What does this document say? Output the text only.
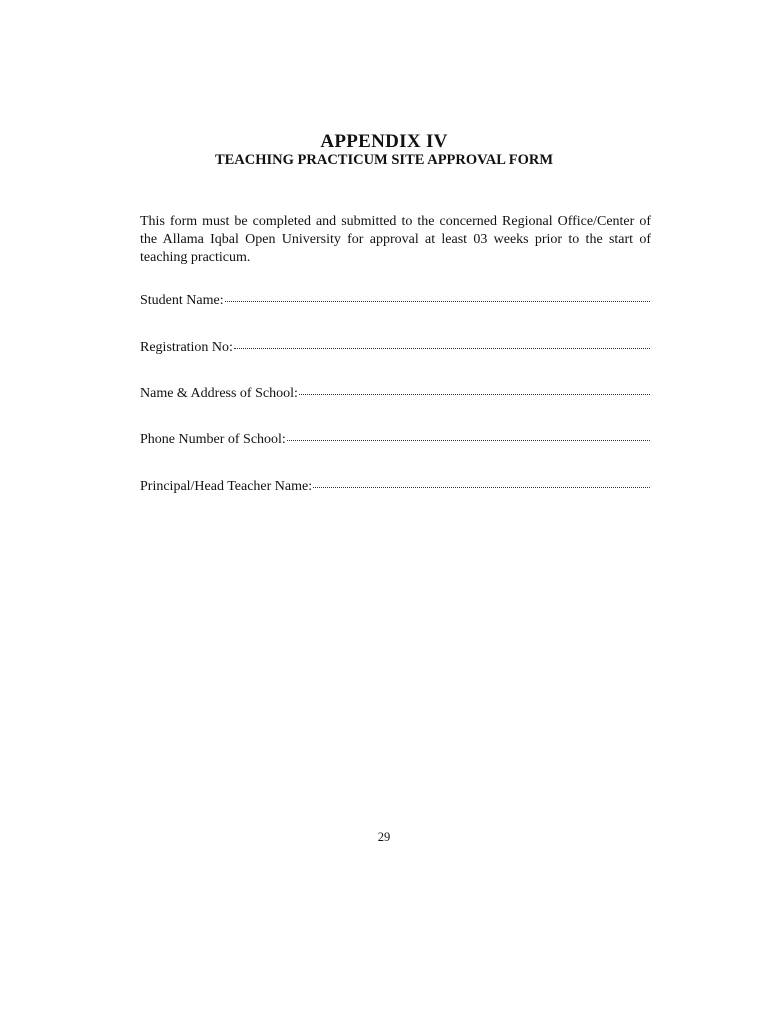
APPENDIX IV
TEACHING PRACTICUM SITE APPROVAL FORM
This form must be completed and submitted to the concerned Regional Office/Center of the Allama Iqbal Open University for approval at least 03 weeks prior to the start of teaching practicum.
Student Name:
Registration No:
Name & Address of School:
Phone Number of School:
Principal/Head Teacher Name:
29
